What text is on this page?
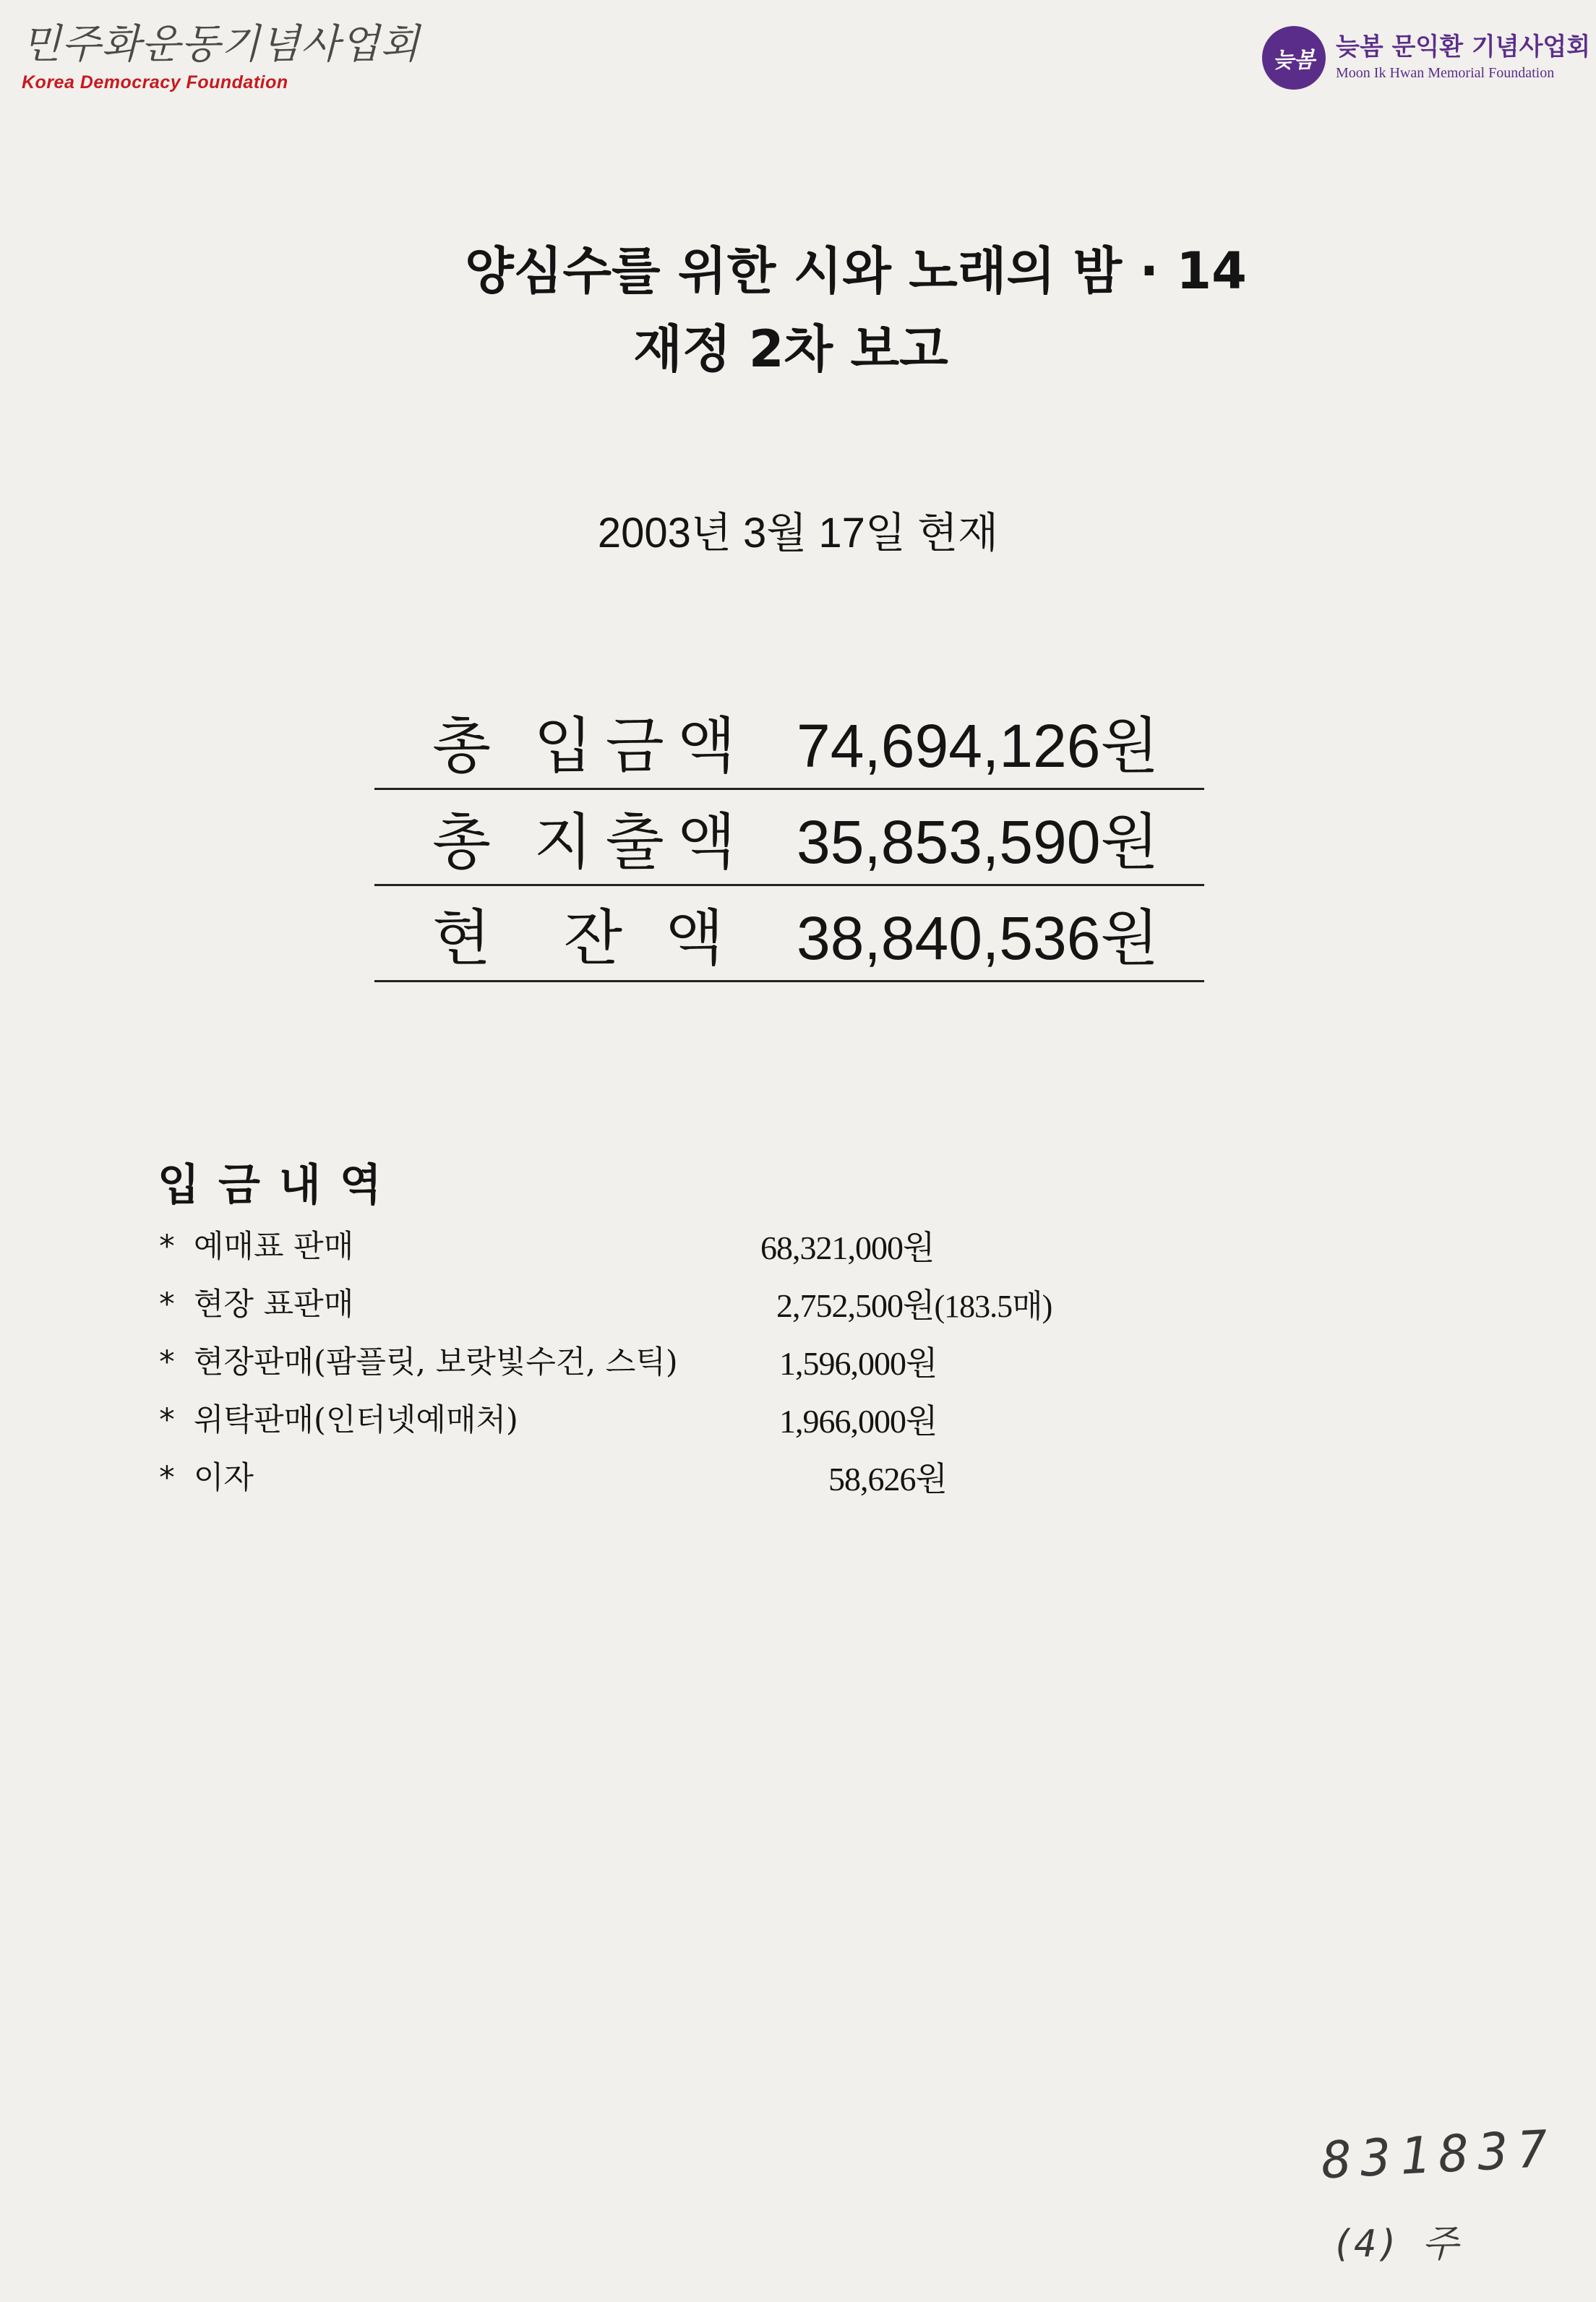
민주화운동기념사업회
Korea Democracy Foundation
늦봄 늦봄 문익환 기념사업회
Moon Ik Hwan Memorial Foundation
양심수를 위한 시와 노래의 밤 · 14
재정 2차 보고
2003년 3월 17일 현재
총 입금액 74,694,126원
총 지출액 35,853,590원
현  잔 액 38,840,536원
입금내역
* 예매표 판매	68,321,000원
* 현장 표판매	2,752,500원(183.5매)
* 현장판매(팜플릿, 보랏빛수건, 스틱)	1,596,000원
* 위탁판매(인터넷예매처)	1,966,000원
* 이자	58,626원
831837
(4) 주
